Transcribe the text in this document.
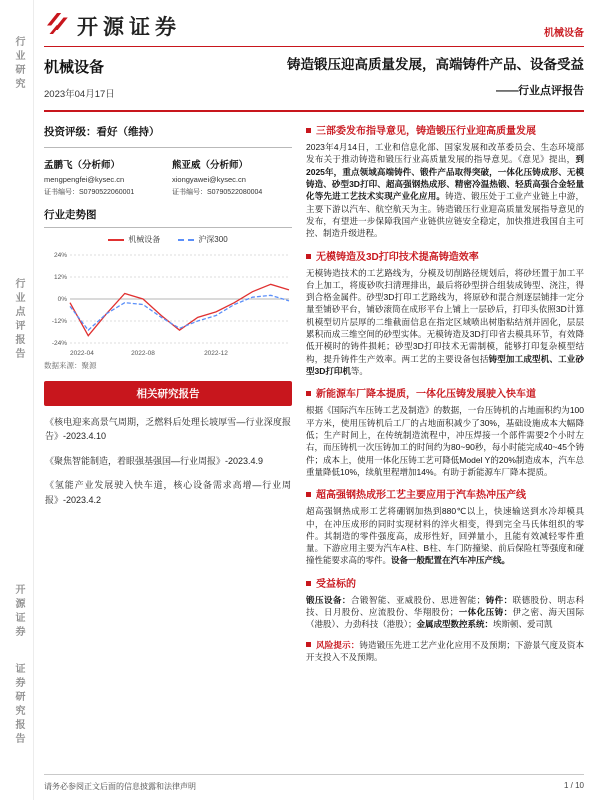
行业研究
行业点评报告
开源证券 证券研究报告
开源证券	机械设备
机械设备
2023年04月17日
铸造锻压迎高质量发展，高端铸件产品、设备受益
——行业点评报告
投资评级：看好（维持）
孟鹏飞（分析师）
mengpengfei@kysec.cn
证书编号：S0790522060001
熊亚威（分析师）
xiongyawei@kysec.cn
证书编号：S0790522080004
行业走势图
机械设备	沪深300
24%
12%
0%
-12%
-24%
2022-04	2022-08	2022-12
数据来源：聚源
相关研究报告

《核电迎来高景气周期，乏燃料后处理长坡厚雪—行业深度报告》-2023.4.10

《聚焦智能制造，着眼强基强国—行业周报》-2023.4.9

《氢能产业发展驶入快车道，核心设备需求高增—行业周报》-2023.4.2

三部委发布指导意见，铸造锻压行业迎高质量发展

2023年4月14日，工业和信息化部、国家发展和改革委员会、生态环境部发布关于推动铸造和锻压行业高质量发展的指导意见。《意见》提出，到2025年，重点领域高端铸件、锻件产品取得突破，一体化压铸成形、无模铸造、砂型3D打印、超高强钢热成形、精密冷温热锻、轻质高强合金轻量化等先进工艺技术实现产业化应用。铸造、锻压处于工业产业链上中游，主要下游以汽车、航空航天为主。铸造锻压行业迎高质量发展指导意见的发布，有望进一步保障我国产业链供应链安全稳定，加快推进我国自主可控、制造升级进程。

无模铸造及3D打印技术提高铸造效率

无模铸造技术的工艺路线为，分模及切削路径规划后，将砂坯置于加工平台上加工，将废砂吹扫清理排出，最后将砂型拼合组装成铸型、浇注，得到合格金属件。砂型3D打印工艺路线为，将原砂和混合剂逐层铺排一定分量至铺砂平台，铺砂滚筒在成形平台上铺上一层砂后，打印头依照3D计算机模型切片层厚的二维截面信息在指定区域喷出树脂粘结剂并固化，层层累积而成三维空间的砂型实体。无模铸造及3D打印省去模具环节，有效降低开模时的铸件损耗；砂型3D打印技术无需制模，能够打印复杂模型结构，提升铸件生产效率。两工艺的主要设备包括铸型加工成型机、工业砂型3D打印机等。

新能源车厂降本提质，一体化压铸发展驶入快车道

根据《国际汽车压铸工艺及制造》的数据，一台压铸机的占地面积约为100平方米，使用压铸机后工厂的占地面积减少了30%，基础设施成本大幅降低；生产时间上，在传统制造流程中，冲压焊接一个部件需要2个小时左右，而压铸机一次压铸加工的时间约为80~90秒，每小时能完成40~45个铸件；成本上，使用一体化压铸工艺可降低Model Y的20%制造成本，汽车总重量降低10%，续航里程增加14%。有助于新能源车厂降本提质。

超高强钢热成形工艺主要应用于汽车热冲压产线

超高强钢热成形工艺将硼钢加热到880℃以上，快速输送到水冷却模具中，在冲压成形的同时实现材料的淬火相变，得到完全马氏体组织的零件。其制造的零件强度高，成形性好，回弹量小，且能有效减轻零件重量。下游应用主要为汽车A柱、B柱、车门防撞梁、前后保险杠等强度和碰撞性能要求高的零件。设备一般配置在汽车冲压产线。

受益标的

锻压设备：合锻智能、亚威股份、思进智能；铸件：联德股份、明志科技、日月股份、应流股份、华翔股份；一体化压铸：伊之密、海天国际（港股）、力劲科技（港股）；金属成型数控系统：埃斯顿、爱司凯

风险提示：铸造锻压先进工艺产业化应用不及预期；下游景气度及资本开支投入不及预期。

请务必参阅正文后面的信息披露和法律声明	1 / 10
